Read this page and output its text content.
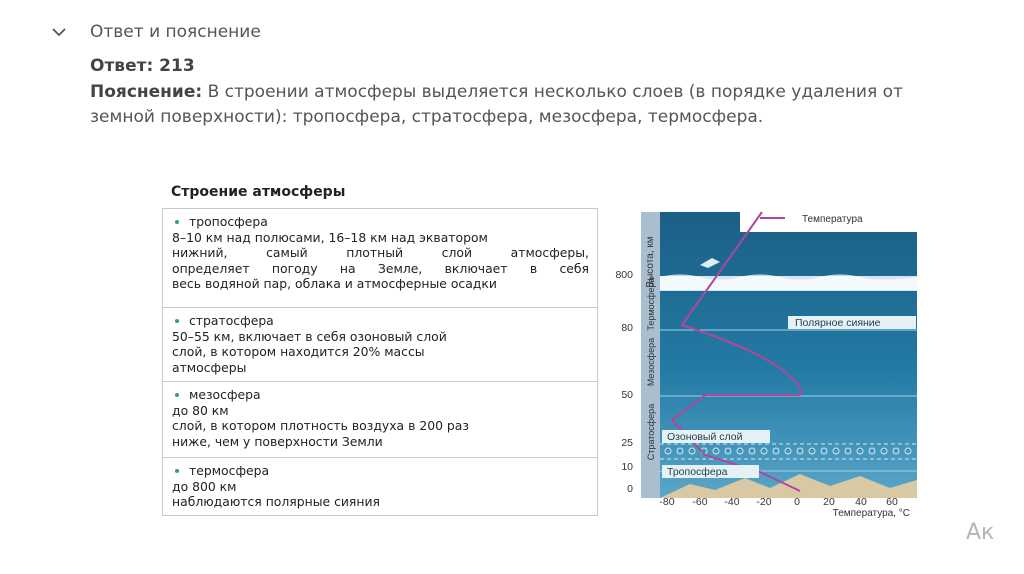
Ответ и пояснение
Ответ: 213
Пояснение: В строении атмосферы выделяется несколько слоев (в порядке удаления от земной поверхности): тропосфера, стратосфера, мезосфера, термосфера.
Строение атмосферы
тропосфера
8–10 км над полюсами, 16–18 км над экватором
нижний, самый плотный слой атмосферы,
определяет погоду на Земле, включает в себя
весь водяной пар, облака и атмосферные осадки
стратосфера
50–55 км, включает в себя озоновый слой
слой, в котором находится 20% массы
атмосферы
мезосфера
до 80 км
слой, в котором плотность воздуха в 200 раз
ниже, чем у поверхности Земли
термосфера
до 800 км
наблюдаются полярные сияния
Температура
Полярное сияние
Озоновый слой
Тропосфера
Высота, км
Термосфера
Мезосфера
Стратосфера
800
80
50
25
10
0
-80 -60 -40 -20 0 20 40 60
Температура, °C
Ак
